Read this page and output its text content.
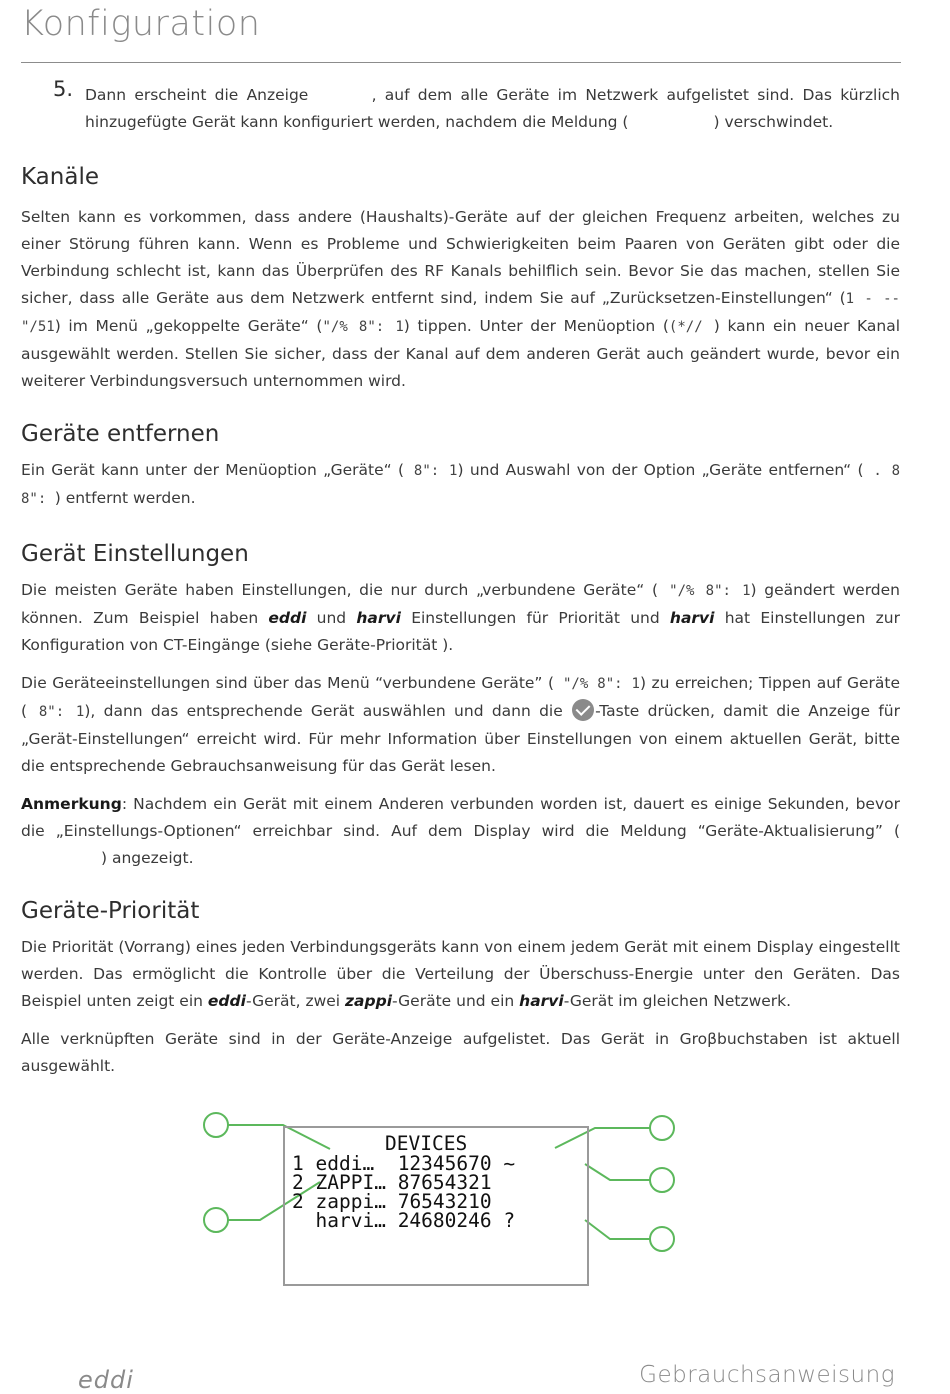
Konfiguration
5. Dann erscheint die Anzeige	, auf dem alle Geräte im Netzwerk aufgelistet sind. Das kürzlich hinzugefügte Gerät kann konfiguriert werden, nachdem die Meldung (	) verschwindet.

Kanäle

Selten kann es vorkommen, dass andere (Haushalts)-Geräte auf der gleichen Frequenz arbeiten, welches zu einer Störung führen kann. Wenn es Probleme und Schwierigkeiten beim Paaren von Geräten gibt oder die Verbindung schlecht ist, kann das Überprüfen des RF Kanals behilflich sein. Bevor Sie das machen, stellen Sie sicher, dass alle Geräte aus dem Netzwerk entfernt sind, indem Sie auf „Zurücksetzen-Einstellungen“ (1 - --"/51) im Menü „gekoppelte Geräte“ ("/% 8": 1) tippen. Unter der Menüoption ((*// ) kann ein neuer Kanal ausgewählt werden. Stellen Sie sicher, dass der Kanal auf dem anderen Gerät auch geändert wurde, bevor ein weiterer Verbindungsversuch unternommen wird.

Geräte entfernen

Ein Gerät kann unter der Menüoption „Geräte“ ( 8": 1) und Auswahl von der Option „Geräte entfernen“ ( . 8 8": ) entfernt werden.

Gerät Einstellungen

Die meisten Geräte haben Einstellungen, die nur durch „verbundene Geräte“ ( "/% 8": 1) geändert werden können. Zum Beispiel haben eddi und harvi Einstellungen für Priorität und harvi hat Einstellungen zur Konfiguration von CT-Eingänge (siehe Geräte-Priorität ).

Die Geräteeinstellungen sind über das Menü “verbundene Geräte” ( "/% 8": 1) zu erreichen; Tippen auf Geräte ( 8": 1), dann das entsprechende Gerät auswählen und dann die -Taste drücken, damit die Anzeige für „Gerät-Einstellungen“ erreicht wird. Für mehr Information über Einstellungen von einem aktuellen Gerät, bitte die entsprechende Gebrauchsanweisung für das Gerät lesen.

Anmerkung: Nachdem ein Gerät mit einem Anderen verbunden worden ist, dauert es einige Sekunden, bevor die „Einstellungs-Optionen“ erreichbar sind. Auf dem Display wird die Meldung “Geräte-Aktualisierung” () angezeigt.

Geräte-Priorität

Die Priorität (Vorrang) eines jeden Verbindungsgeräts kann von einem jedem Gerät mit einem Display eingestellt werden. Das ermöglicht die Kontrolle über die Verteilung der Überschuss-Energie unter den Geräten. Das Beispiel unten zeigt ein eddi-Gerät, zwei zappi-Geräte und ein harvi-Gerät im gleichen Netzwerk.

Alle verknüpften Geräte sind in der Geräte-Anzeige aufgelistet. Das Gerät in Groβbuchstaben ist aktuell ausgewählt.

DEVICES
1 eddi… 12345670 ~
2 ZAPPI… 87654321
2 zappi… 76543210
harvi… 24680246 ?
eddi	Gebrauchsanweisung
